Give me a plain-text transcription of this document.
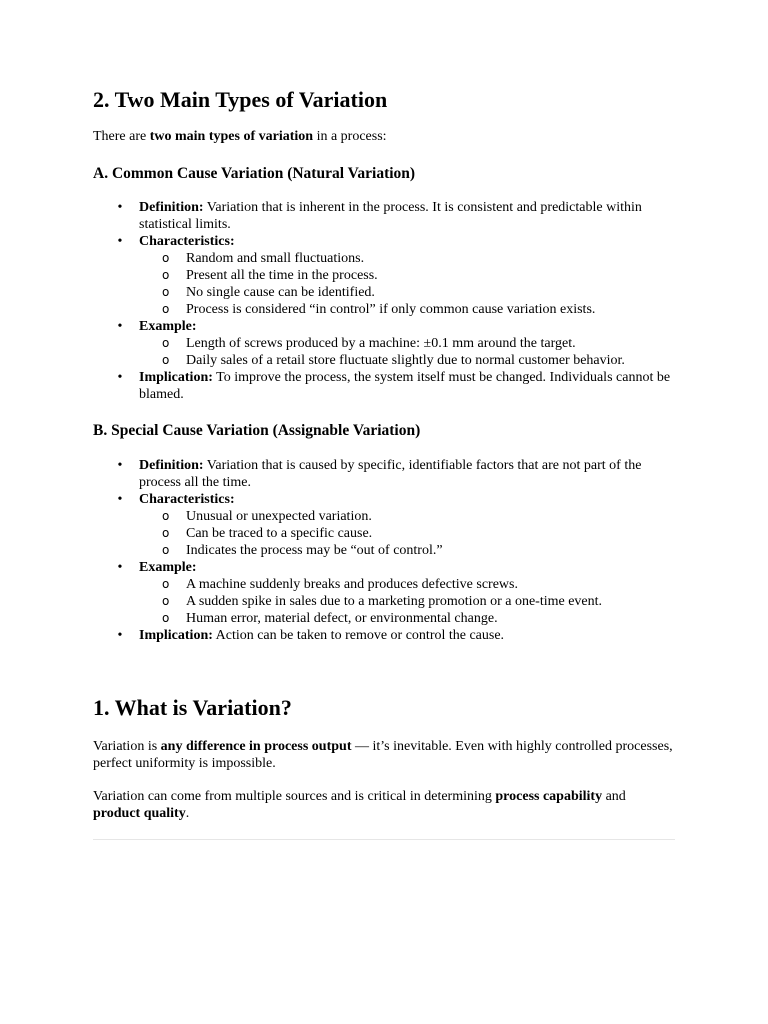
2. Two Main Types of Variation

There are two main types of variation in a process:

A. Common Cause Variation (Natural Variation)
• Definition: Variation that is inherent in the process. It is consistent and predictable within statistical limits.
• Characteristics:
o Random and small fluctuations.
o Present all the time in the process.
o No single cause can be identified.
o Process is considered “in control” if only common cause variation exists.
• Example:
o Length of screws produced by a machine: ±0.1 mm around the target.
o Daily sales of a retail store fluctuate slightly due to normal customer behavior.
• Implication: To improve the process, the system itself must be changed. Individuals cannot be blamed.
B. Special Cause Variation (Assignable Variation)
• Definition: Variation that is caused by specific, identifiable factors that are not part of the process all the time.
• Characteristics:
o Unusual or unexpected variation.
o Can be traced to a specific cause.
o Indicates the process may be “out of control.”
• Example:
o A machine suddenly breaks and produces defective screws.
o A sudden spike in sales due to a marketing promotion or a one-time event.
o Human error, material defect, or environmental change.
• Implication: Action can be taken to remove or control the cause.
1. What is Variation?

Variation is any difference in process output — it’s inevitable. Even with highly controlled processes, perfect uniformity is impossible.

Variation can come from multiple sources and is critical in determining process capability and product quality.
